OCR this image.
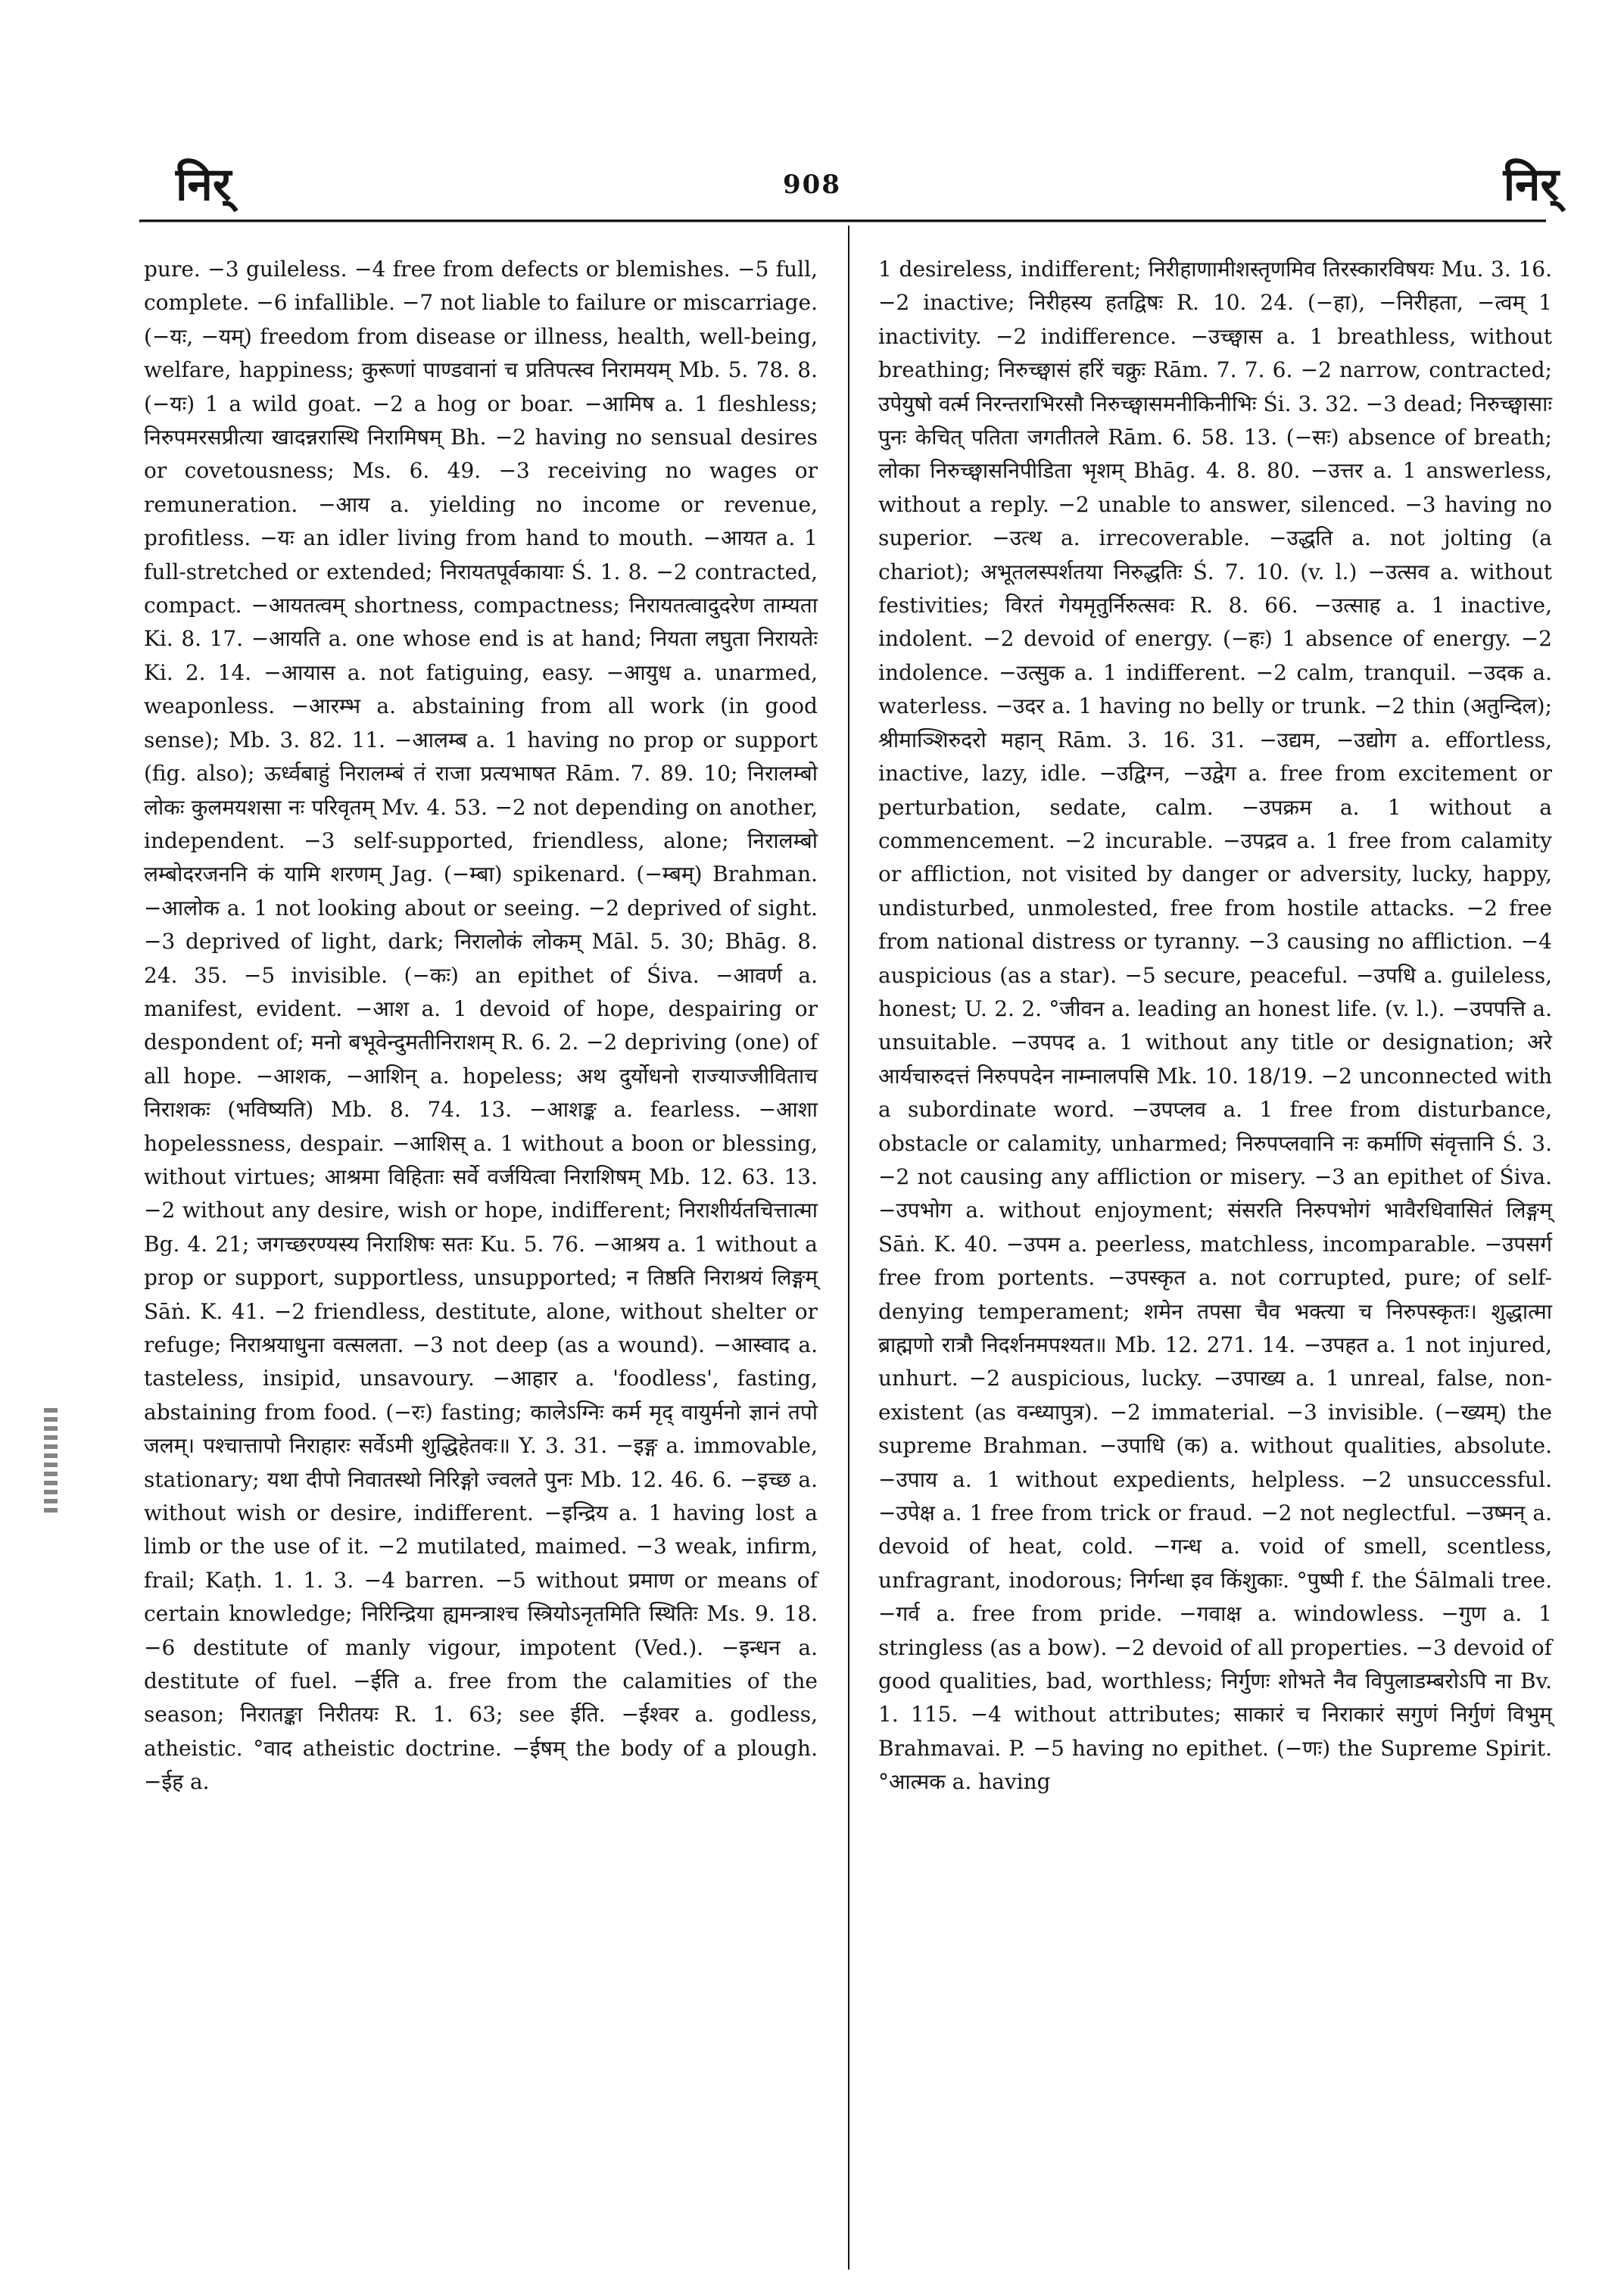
निर्	908	निर्

pure. −3 guileless. −4 free from defects or blemishes. −5 full, complete. −6 infallible. −7 not liable to failure or miscarriage. (−यः, −यम्) freedom from disease or illness, health, well-being, welfare, happiness; कुरूणां पाण्डवानां च प्रतिपत्स्व निरामयम् Mb. 5. 78. 8. (−यः) 1 a wild goat. −2 a hog or boar. −आमिष a. 1 fleshless; निरुपमरसप्रीत्या खादन्नरास्थि निरामिषम् Bh. −2 having no sensual desires or covetousness; Ms. 6. 49. −3 receiving no wages or remuneration. −आय a. yielding no income or revenue, profitless. −यः an idler living from hand to mouth. −आयत a. 1 full-stretched or extended; निरायतपूर्वकायाः Ś. 1. 8. −2 contracted, compact. −आयतत्वम् shortness, compactness; निरायतत्वादुदरेण ताम्यता Ki. 8. 17. −आयति a. one whose end is at hand; नियता लघुता निरायतेः Ki. 2. 14. −आयास a. not fatiguing, easy. −आयुध a. unarmed, weaponless. −आरम्भ a. abstaining from all work (in good sense); Mb. 3. 82. 11. −आलम्ब a. 1 having no prop or support (fig. also); ऊर्ध्वबाहुं निरालम्बं तं राजा प्रत्यभाषत Rām. 7. 89. 10; निरालम्बो लोकः कुलमयशसा नः परिवृतम् Mv. 4. 53. −2 not depending on another, independent. −3 self-supported, friendless, alone; निरालम्बो लम्बोदरजननि कं यामि शरणम् Jag. (−म्बा) spikenard. (−म्बम्) Brahman. −आलोक a. 1 not looking about or seeing. −2 deprived of sight. −3 deprived of light, dark; निरालोकं लोकम् Māl. 5. 30; Bhāg. 8. 24. 35. −5 invisible. (−कः) an epithet of Śiva. −आवर्ण a. manifest, evident. −आश a. 1 devoid of hope, despairing or despondent of; मनो बभूवेन्दुमतीनिराशम् R. 6. 2. −2 depriving (one) of all hope. −आशक, −आशिन् a. hopeless; अथ दुर्योधनो राज्याज्जीविताच निराशकः (भविष्यति) Mb. 8. 74. 13. −आशङ्क a. fearless. −आशा hopelessness, despair. −आशिस् a. 1 without a boon or blessing, without virtues; आश्रमा विहिताः सर्वे वर्जयित्वा निराशिषम् Mb. 12. 63. 13. −2 without any desire, wish or hope, indifferent; निराशीर्यतचित्तात्मा Bg. 4. 21; जगच्छरण्यस्य निराशिषः सतः Ku. 5. 76. −आश्रय a. 1 without a prop or support, supportless, unsupported; न तिष्ठति निराश्रयं लिङ्गम् Sāṅ. K. 41. −2 friendless, destitute, alone, without shelter or refuge; निराश्रयाधुना वत्सलता. −3 not deep (as a wound). −आस्वाद a. tasteless, insipid, unsavoury. −आहार a. 'foodless', fasting, abstaining from food. (−रः) fasting; कालेऽग्निः कर्म मृद् वायुर्मनो ज्ञानं तपो जलम्। पश्चात्तापो निराहारः सर्वेऽमी शुद्धिहेतवः॥ Y. 3. 31. −इङ्ग a. immovable, stationary; यथा दीपो निवातस्थो निरिङ्गो ज्वलते पुनः Mb. 12. 46. 6. −इच्छ a. without wish or desire, indifferent. −इन्द्रिय a. 1 having lost a limb or the use of it. −2 mutilated, maimed. −3 weak, infirm, frail; Kaṭh. 1. 1. 3. −4 barren. −5 without प्रमाण or means of certain knowledge; निरिन्द्रिया ह्यमन्त्राश्च स्त्रियोऽनृतमिति स्थितिः Ms. 9. 18. −6 destitute of manly vigour, impotent (Ved.). −इन्धन a. destitute of fuel. −ईति a. free from the calamities of the season; निरातङ्का निरीतयः R. 1. 63; see ईति. −ईश्वर a. godless, atheistic. °वाद atheistic doctrine. −ईषम् the body of a plough. −ईह a.

1 desireless, indifferent; निरीहाणामीशस्तृणमिव तिरस्कारविषयः Mu. 3. 16. −2 inactive; निरीहस्य हतद्विषः R. 10. 24. (−हा), −निरीहता, −त्वम् 1 inactivity. −2 indifference. −उच्छ्वास a. 1 breathless, without breathing; निरुच्छ्वासं हरिं चक्रुः Rām. 7. 7. 6. −2 narrow, contracted; उपेयुषो वर्त्म निरन्तराभिरसौ निरुच्छ्वासमनीकिनीभिः Śi. 3. 32. −3 dead; निरुच्छ्वासाः पुनः केचित् पतिता जगतीतले Rām. 6. 58. 13. (−सः) absence of breath; लोका निरुच्छ्वासनिपीडिता भृशम् Bhāg. 4. 8. 80. −उत्तर a. 1 answerless, without a reply. −2 unable to answer, silenced. −3 having no superior. −उत्थ a. irrecoverable. −उद्धति a. not jolting (a chariot); अभूतलस्पर्शतया निरुद्धतिः Ś. 7. 10. (v. l.) −उत्सव a. without festivities; विरतं गेयमृतुर्निरुत्सवः R. 8. 66. −उत्साह a. 1 inactive, indolent. −2 devoid of energy. (−हः) 1 absence of energy. −2 indolence. −उत्सुक a. 1 indifferent. −2 calm, tranquil. −उदक a. waterless. −उदर a. 1 having no belly or trunk. −2 thin (अतुन्दिल); श्रीमाञ्शिरुदरो महान् Rām. 3. 16. 31. −उद्यम, −उद्योग a. effortless, inactive, lazy, idle. −उद्विग्न, −उद्वेग a. free from excitement or perturbation, sedate, calm. −उपक्रम a. 1 without a commencement. −2 incurable. −उपद्रव a. 1 free from calamity or affliction, not visited by danger or adversity, lucky, happy, undisturbed, unmolested, free from hostile attacks. −2 free from national distress or tyranny. −3 causing no affliction. −4 auspicious (as a star). −5 secure, peaceful. −उपधि a. guileless, honest; U. 2. 2. °जीवन a. leading an honest life. (v. l.). −उपपत्ति a. unsuitable. −उपपद a. 1 without any title or designation; अरे आर्यचारुदत्तं निरुपपदेन नाम्नालपसि Mk. 10. 18/19. −2 unconnected with a subordinate word. −उपप्लव a. 1 free from disturbance, obstacle or calamity, unharmed; निरुपप्लवानि नः कर्माणि संवृत्तानि Ś. 3. −2 not causing any affliction or misery. −3 an epithet of Śiva. −उपभोग a. without enjoyment; संसरति निरुपभोगं भावैरधिवासितं लिङ्गम् Sāṅ. K. 40. −उपम a. peerless, matchless, incomparable. −उपसर्ग free from portents. −उपस्कृत a. not corrupted, pure; of self-denying temperament; शमेन तपसा चैव भक्त्या च निरुपस्कृतः। शुद्धात्मा ब्राह्मणो रात्रौ निदर्शनमपश्यत॥ Mb. 12. 271. 14. −उपहत a. 1 not injured, unhurt. −2 auspicious, lucky. −उपाख्य a. 1 unreal, false, non-existent (as वन्ध्यापुत्र). −2 immaterial. −3 invisible. (−ख्यम्) the supreme Brahman. −उपाधि (क) a. without qualities, absolute. −उपाय a. 1 without expedients, helpless. −2 unsuccessful. −उपेक्ष a. 1 free from trick or fraud. −2 not neglectful. −उष्मन् a. devoid of heat, cold. −गन्ध a. void of smell, scentless, unfragrant, inodorous; निर्गन्धा इव किंशुकाः. °पुष्पी f. the Śālmali tree. −गर्व a. free from pride. −गवाक्ष a. windowless. −गुण a. 1 stringless (as a bow). −2 devoid of all properties. −3 devoid of good qualities, bad, worthless; निर्गुणः शोभते नैव विपुलाडम्बरोऽपि ना Bv. 1. 115. −4 without attributes; साकारं च निराकारं सगुणं निर्गुणं विभुम् Brahmavai. P. −5 having no epithet. (−णः) the Supreme Spirit. °आत्मक a. having
